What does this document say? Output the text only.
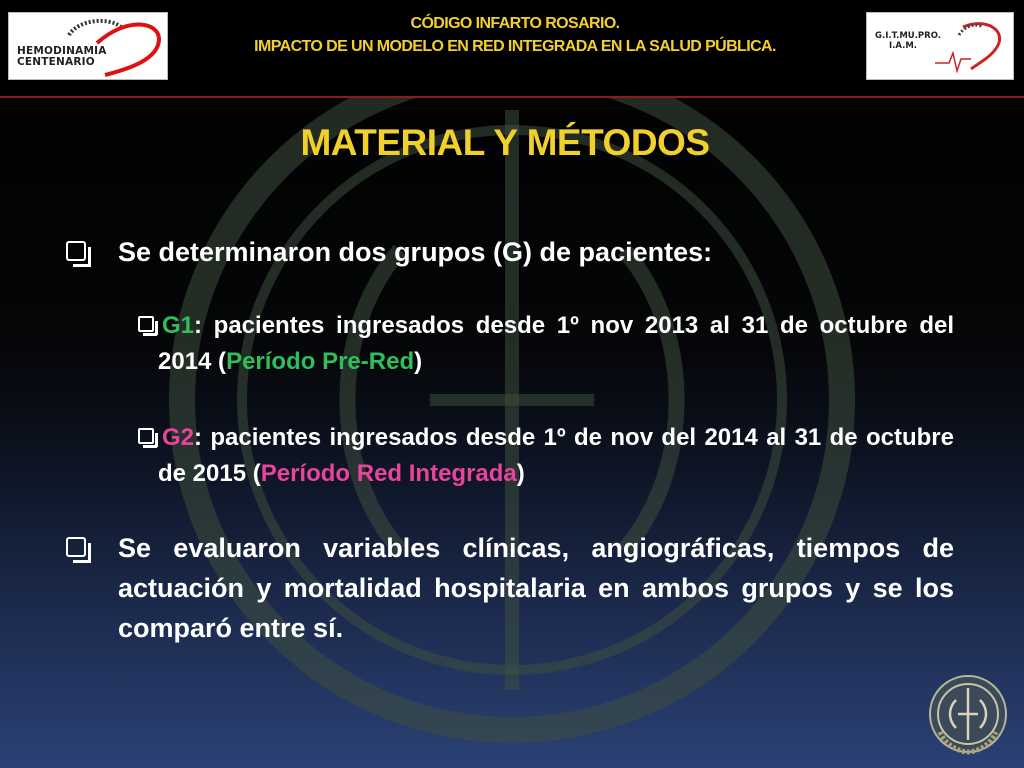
HEMODINAMIA
CENTENARIO
CÓDIGO INFARTO ROSARIO.
IMPACTO DE UN MODELO EN RED INTEGRADA EN LA SALUD PÚBLICA.
G.I.T.MU.PRO.
I.A.M.
MATERIAL Y MÉTODOS
Se determinaron dos grupos (G) de pacientes:
G1: pacientes ingresados desde 1º nov 2013 al 31 de octubre del 2014 (Período Pre-Red)
G2: pacientes ingresados desde 1º de nov del 2014 al 31 de octubre de 2015 (Período Red Integrada)
Se evaluaron variables clínicas, angiográficas, tiempos de actuación y mortalidad hospitalaria en ambos grupos y se los comparó entre sí.
